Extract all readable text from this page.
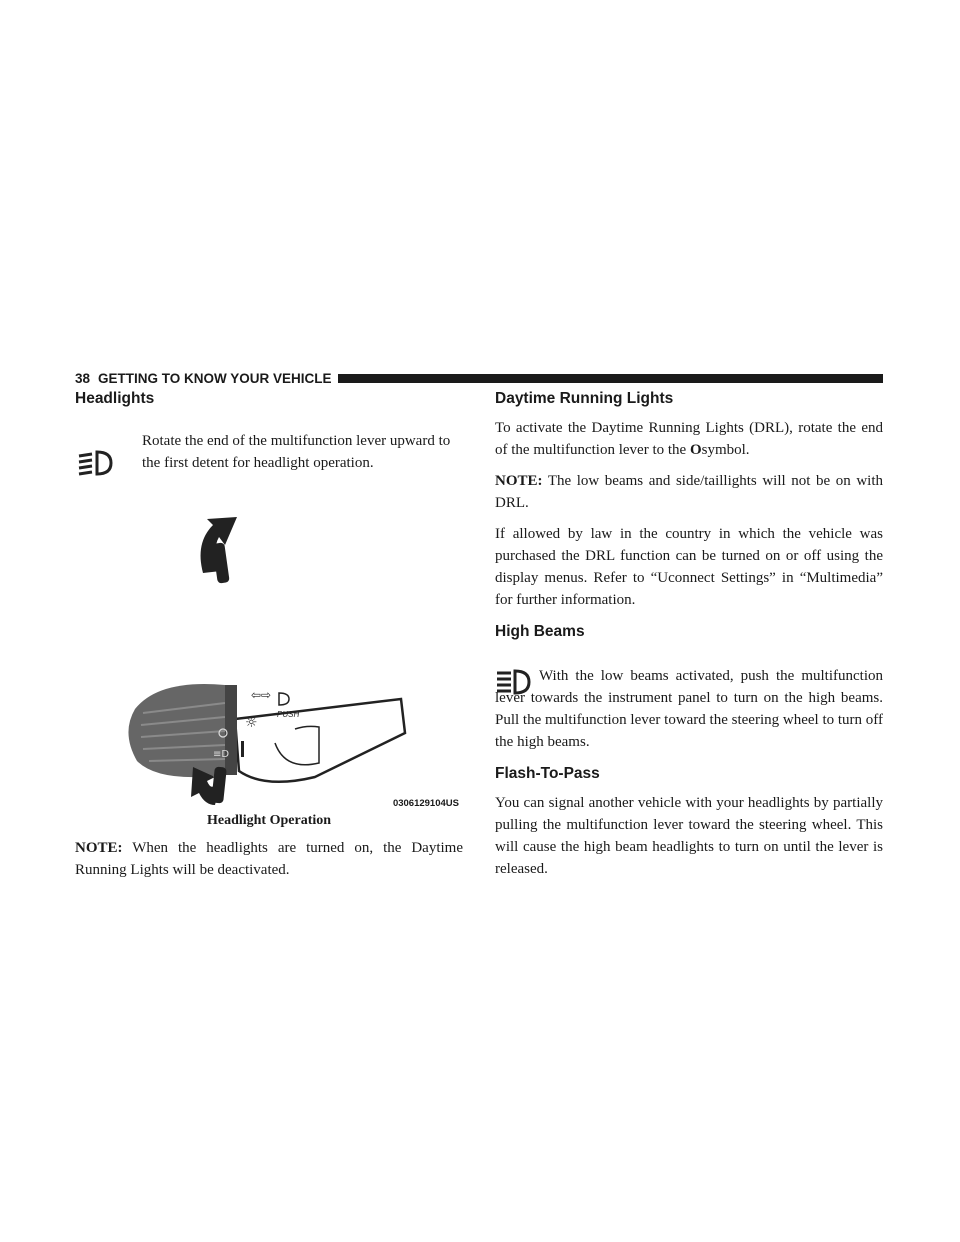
38 GETTING TO KNOW YOUR VEHICLE
Headlights

Rotate the end of the multifunction lever upward to the first detent for headlight operation.

⇦⇨
PUSH
☼
≡D
0306129104US
Headlight Operation

NOTE: When the headlights are turned on, the Daytime Running Lights will be deactivated.

Daytime Running Lights

To activate the Daytime Running Lights (DRL), rotate the end of the multifunction lever to the Osymbol.

NOTE: The low beams and side/taillights will not be on with DRL.

If allowed by law in the country in which the vehicle was purchased the DRL function can be turned on or off using the display menus. Refer to “Uconnect Settings” in “Multimedia” for further information.

High Beams

With the low beams activated, push the multifunction lever towards the instrument panel to turn on the high beams. Pull the multifunction lever toward the steering wheel to turn off the high beams.

Flash-To-Pass

You can signal another vehicle with your headlights by partially pulling the multifunction lever toward the steering wheel. This will cause the high beam headlights to turn on until the lever is released.
